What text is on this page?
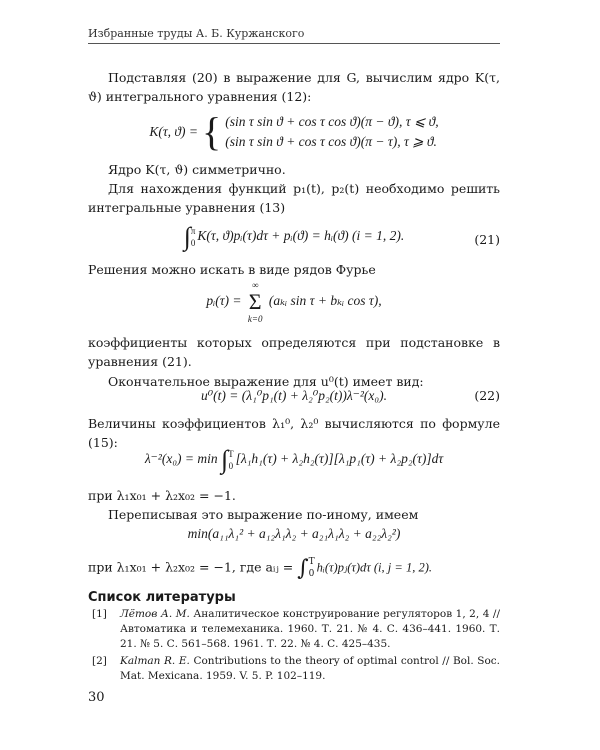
Избранные труды А. Б. Куржанского
Подставляя (20) в выражение для G, вычислим ядро K(τ, ϑ) интегрального уравнения (12):
K(τ, ϑ) = { (sin τ sin ϑ + cos τ cos ϑ)(π − ϑ), τ ⩽ ϑ,
(sin τ sin ϑ + cos τ cos ϑ)(π − τ), τ ⩾ ϑ.
Ядро K(τ, ϑ) симметрично.
Для нахождения функций p₁(t), p₂(t) необходимо решить интегральные уравнения (13)
∫ π
0 K(τ, ϑ)pᵢ(τ)dτ + pᵢ(ϑ) = hᵢ(ϑ) (i = 1, 2).	(21)
Решения можно искать в виде рядов Фурье
pᵢ(τ) =
∞
Σ
k=0
(aₖᵢ sin τ + bₖᵢ cos τ),
коэффициенты которых определяются при подстановке в уравнения (21).
Окончательное выражение для u⁰(t) имеет вид:
u⁰(t) = (λ₁⁰p₁(t) + λ₂⁰p₂(t))λ⁻²(x₀).	(22)
Величины коэффициентов λ₁⁰, λ₂⁰ вычисляются по формуле (15):
λ⁻²(x₀) = min ∫ T
0 [λ₁h₁(τ) + λ₂h₂(τ)][λ₁p₁(τ) + λ₂p₂(τ)]dτ
при λ₁x₀₁ + λ₂x₀₂ = −1.
Переписывая это выражение по-иному, имеем
min(a₁₁λ₁² + a₁₂λ₁λ₂ + a₂₁λ₁λ₂ + a₂₂λ₂²)
при λ₁x₀₁ + λ₂x₀₂ = −1, где aᵢⱼ = ∫ T
0 hᵢ(τ)pⱼ(τ)dτ (i, j = 1, 2).
Список литературы
[1]	Лётов А. М. Аналитическое конструирование регуляторов 1, 2, 4 // Автоматика и телемеханика. 1960. Т. 21. № 4. С. 436–441. 1960. Т. 21. № 5. С. 561–568. 1961. Т. 22. № 4. С. 425–435.
[2]	Kalman R. E. Contributions to the theory of optimal control // Bol. Soc. Mat. Mexicana. 1959. V. 5. P. 102–119.
30
